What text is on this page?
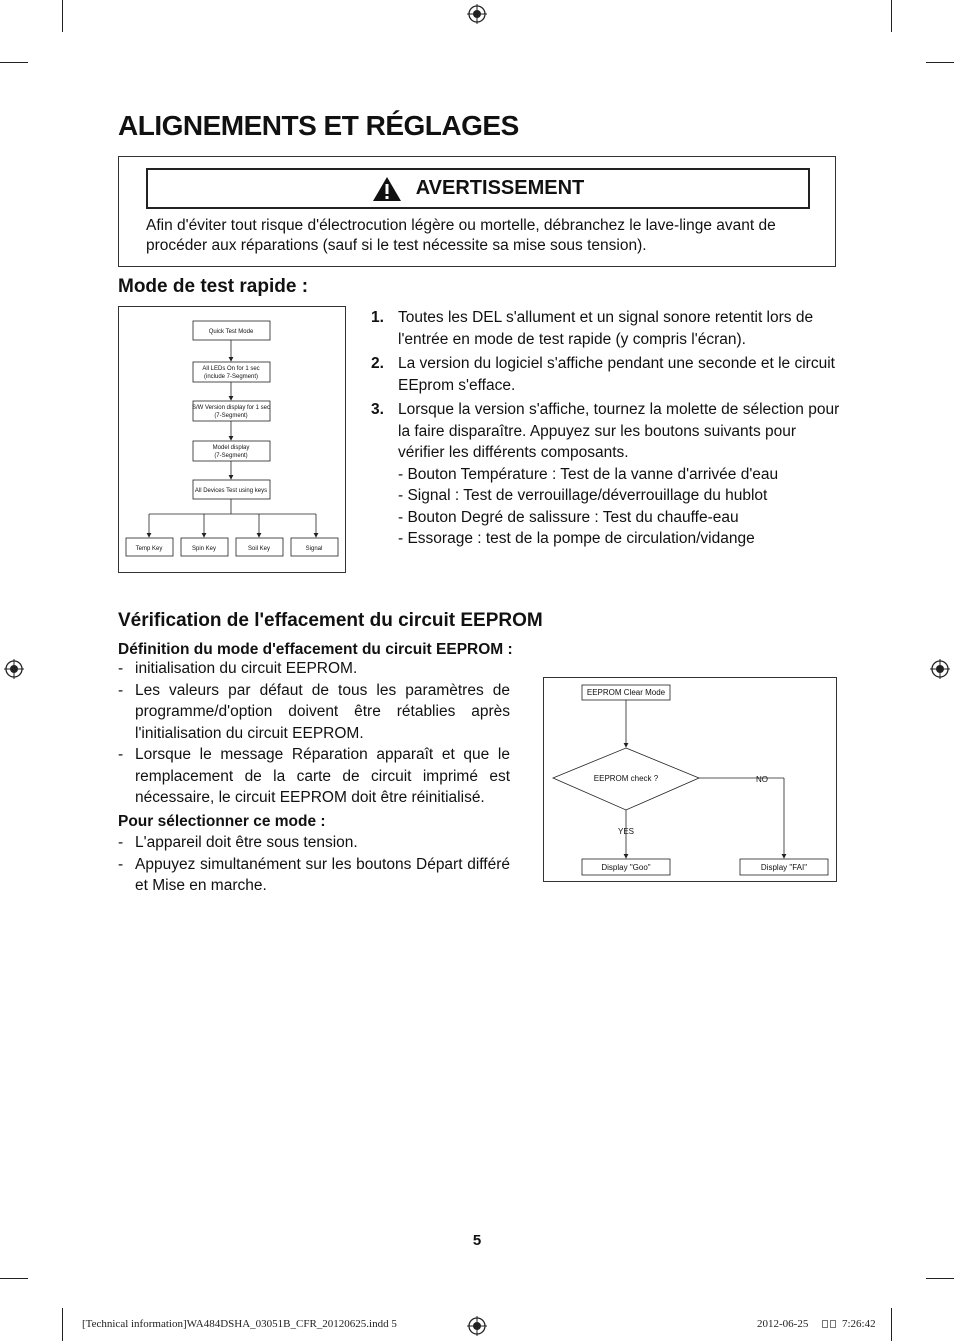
ALIGNEMENTS ET RÉGLAGES
AVERTISSEMENT
Afin d'éviter tout risque d'électrocution légère ou mortelle, débranchez le lave-linge avant de procéder aux réparations (sauf si le test nécessite sa mise sous tension).
Mode de test rapide :
Quick Test Mode
All LEDs On for 1 sec
(include 7-Segment)
S/W Version display for 1 sec
(7-Segment)
Model display
(7-Segment)
All Devices Test using keys
Temp Key	Spin Key	Soil Key	Signal
1. Toutes les DEL s'allument et un signal sonore retentit lors de l'entrée en mode de test rapide (y compris l'écran).
2. La version du logiciel s'affiche pendant une seconde et le circuit EEprom s'efface.
3. Lorsque la version s'affiche, tournez la molette de sélection pour la faire disparaître. Appuyez sur les boutons suivants pour vérifier les différents composants.
- Bouton Température : Test de la vanne d'arrivée d'eau
- Signal : Test de verrouillage/déverrouillage du hublot
- Bouton Degré de salissure : Test du chauffe-eau
- Essorage : test de la pompe de circulation/vidange
Vérification de l'effacement du circuit EEPROM
Définition du mode d'effacement du circuit EEPROM :
- initialisation du circuit EEPROM.
- Les valeurs par défaut de tous les paramètres de programme/d'option doivent être rétablies après l'initialisation du circuit EEPROM.
- Lorsque le message Réparation apparaît et que le remplacement de la carte de circuit imprimé est nécessaire, le circuit EEPROM doit être réinitialisé.
Pour sélectionner ce mode :
- L'appareil doit être sous tension.
- Appuyez simultanément sur les boutons Départ différé et Mise en marche.
EEPROM Clear Mode
EEPROM check ?
YES
NO
Display "Goo"	Display "FAI"
5
[Technical information]WA484DSHA_03051B_CFR_20120625.indd 5	2012-06-25	7:26:42
